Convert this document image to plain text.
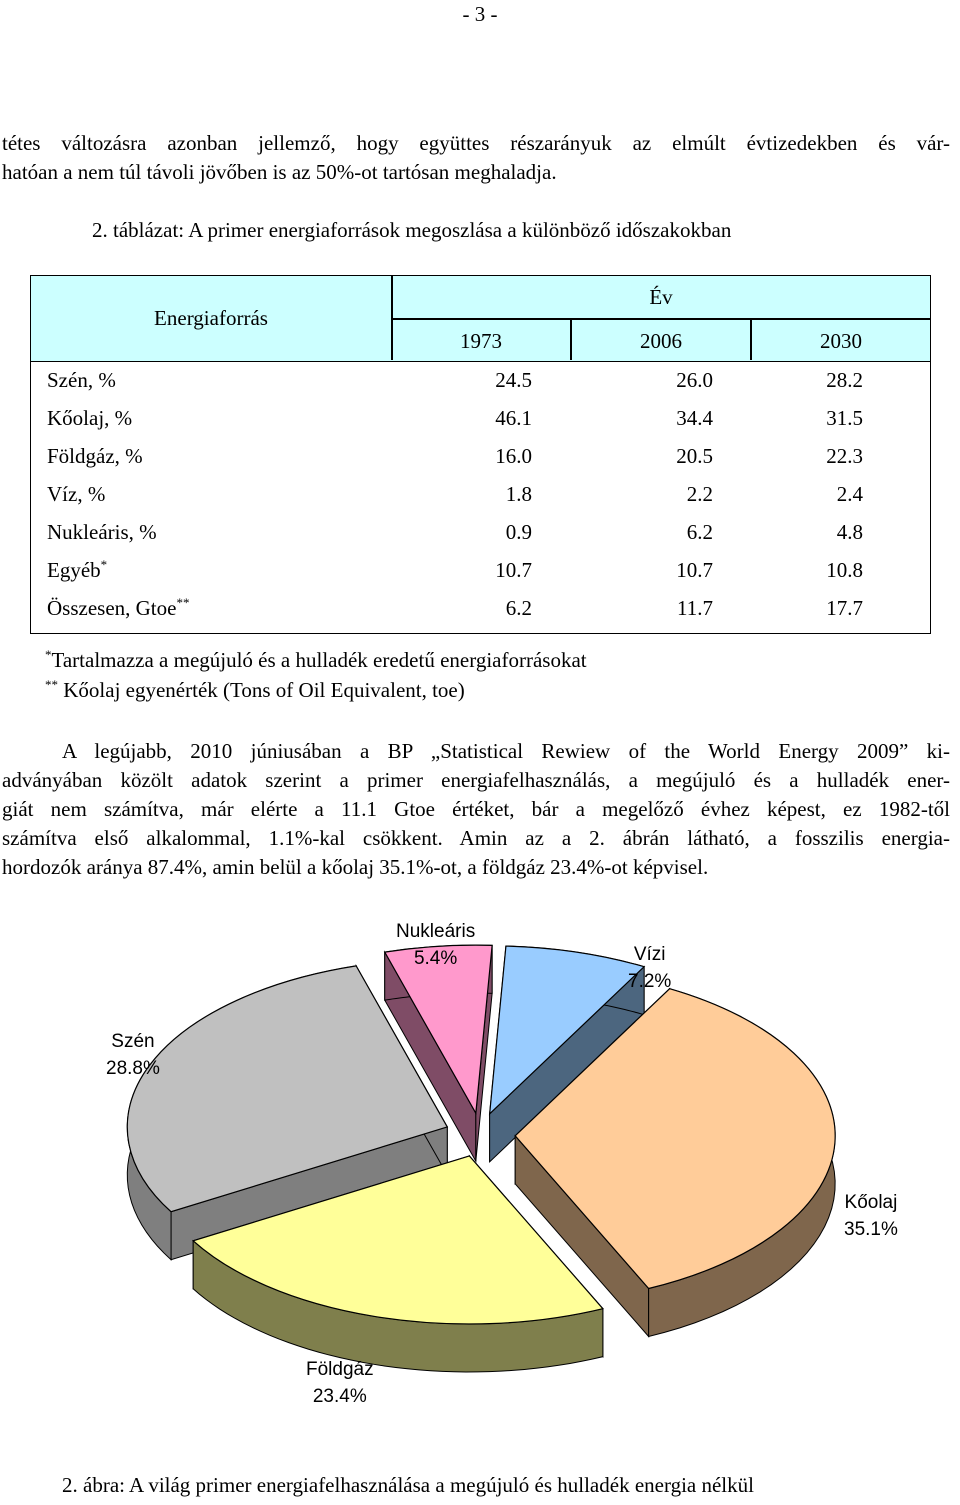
- 3 -
tétes változásra azonban jellemző, hogy együttes részarányuk az elmúlt évtizedekben és vár-
hatóan a nem túl távoli jövőben is az 50%-ot tartósan meghaladja.
2. táblázat: A primer energiaforrások megoszlása a különböző időszakokban
Energiaforrás
Év
1973	2006	2030
Szén, %	24.5	26.0	28.2
Kőolaj, %	46.1	34.4	31.5
Földgáz, %	16.0	20.5	22.3
Víz, %	1.8	2.2	2.4
Nukleáris, %	0.9	6.2	4.8
Egyéb*	10.7	10.7	10.8
Összesen, Gtoe**	6.2	11.7	17.7
*Tartalmazza a megújuló és a hulladék eredetű energiaforrásokat
** Kőolaj egyenérték (Tons of Oil Equivalent, toe)
A legújabb, 2010 júniusában a BP „Statistical Rewiew of the World Energy 2009” ki-
adványában közölt adatok szerint a primer energiafelhasználás, a megújuló és a hulladék ener-
giát nem számítva, már elérte a 11.1 Gtoe értéket, bár a megelőző évhez képest, ez 1982-től
számítva első alkalommal, 1.1%-kal csökkent. Amin az a 2. ábrán látható, a fosszilis energia-
hordozók aránya 87.4%, amin belül a kőolaj 35.1%-ot, a földgáz 23.4%-ot képvisel.
Nukleáris
5.4%	Vízi
7.2%
Szén
28.8%
Kőolaj
35.1%
Földgáz
23.4%
2. ábra: A világ primer energiafelhasználása a megújuló és hulladék energia nélkül
